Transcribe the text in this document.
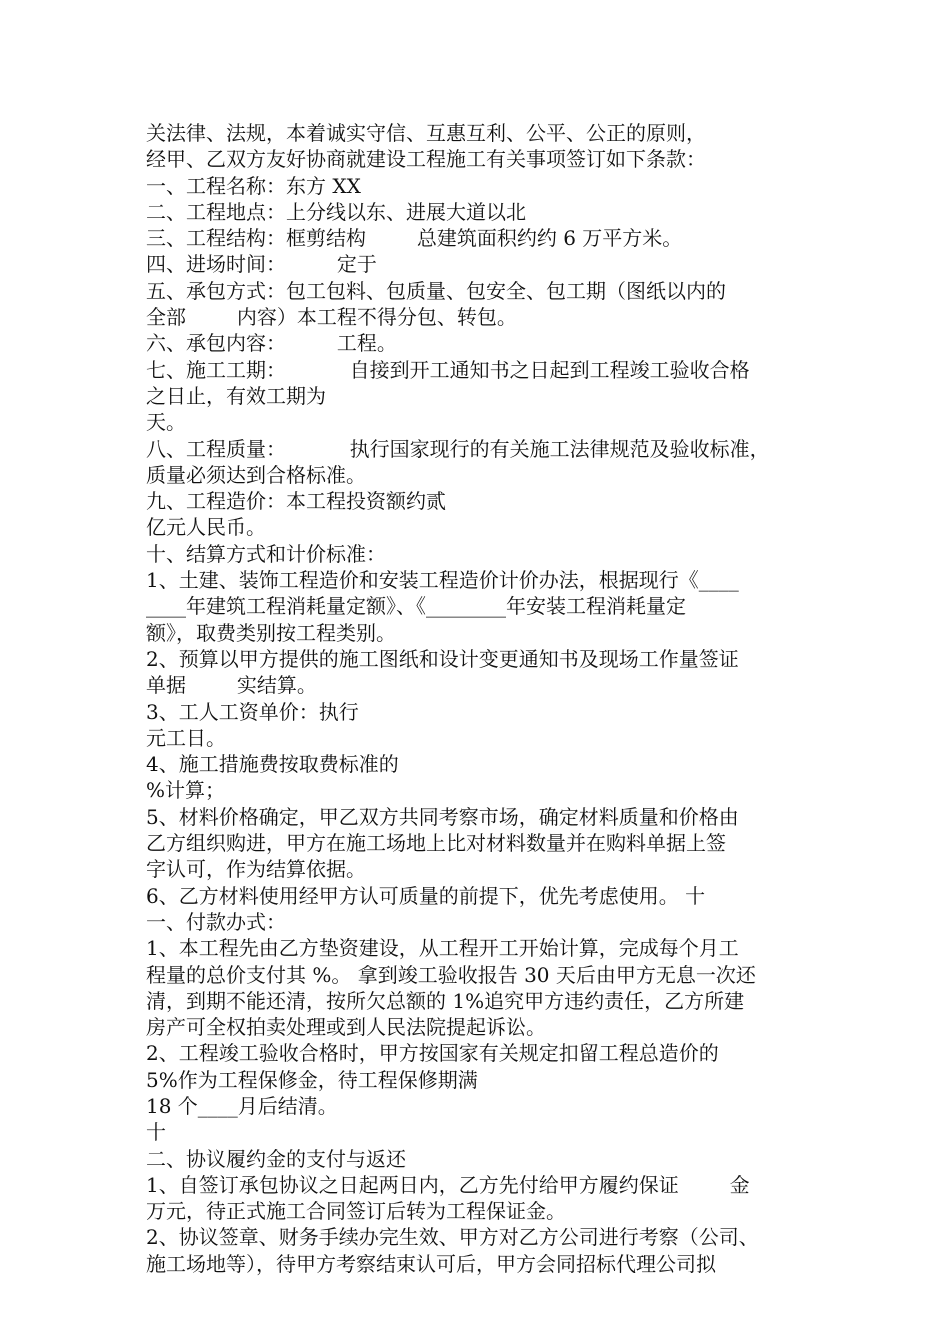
关法律、法规，本着诚实守信、互惠互利、公平、公正的原则，
经甲、乙双方友好协商就建设工程施工有关事项签订如下条款：
一、工程名称：东方 XX
二、工程地点：上分线以东、进展大道以北
三、工程结构：框剪结构        总建筑面积约约 6 万平方米。
四、进场时间：        定于
五、承包方式：包工包料、包质量、包安全、包工期（图纸以内的
全部        内容）本工程不得分包、转包。
六、承包内容：        工程。
七、施工工期：          自接到开工通知书之日起到工程竣工验收合格
之日止，有效工期为
天。
八、工程质量：          执行国家现行的有关施工法律规范及验收标准，
质量必须达到合格标准。
九、工程造价：本工程投资额约贰
亿元人民币。
十、结算方式和计价标准：
1、土建、装饰工程造价和安装工程造价计价办法，根据现行《____
____年建筑工程消耗量定额》、《________年安装工程消耗量定
额》，取费类别按工程类别。
2、预算以甲方提供的施工图纸和设计变更通知书及现场工作量签证
单据        实结算。
3、工人工资单价：执行
元工日。
4、施工措施费按取费标准的
%计算；
5、材料价格确定，甲乙双方共同考察市场，确定材料质量和价格由
乙方组织购进，甲方在施工场地上比对材料数量并在购料单据上签
字认可，作为结算依据。
6、乙方材料使用经甲方认可质量的前提下，优先考虑使用。 十
一、付款办式：
1、本工程先由乙方垫资建设，从工程开工开始计算，完成每个月工
程量的总价支付其 %。 拿到竣工验收报告 30 天后由甲方无息一次还
清，到期不能还清，按所欠总额的 1%追究甲方违约责任，乙方所建
房产可全权拍卖处理或到人民法院提起诉讼。
2、工程竣工验收合格时，甲方按国家有关规定扣留工程总造价的
5%作为工程保修金，待工程保修期满
18 个____月后结清。
十
二、协议履约金的支付与返还
1、自签订承包协议之日起两日内，乙方先付给甲方履约保证        金
万元，待正式施工合同签订后转为工程保证金。
2、协议签章、财务手续办完生效、甲方对乙方公司进行考察（公司、
施工场地等），待甲方考察结束认可后，甲方会同招标代理公司拟
